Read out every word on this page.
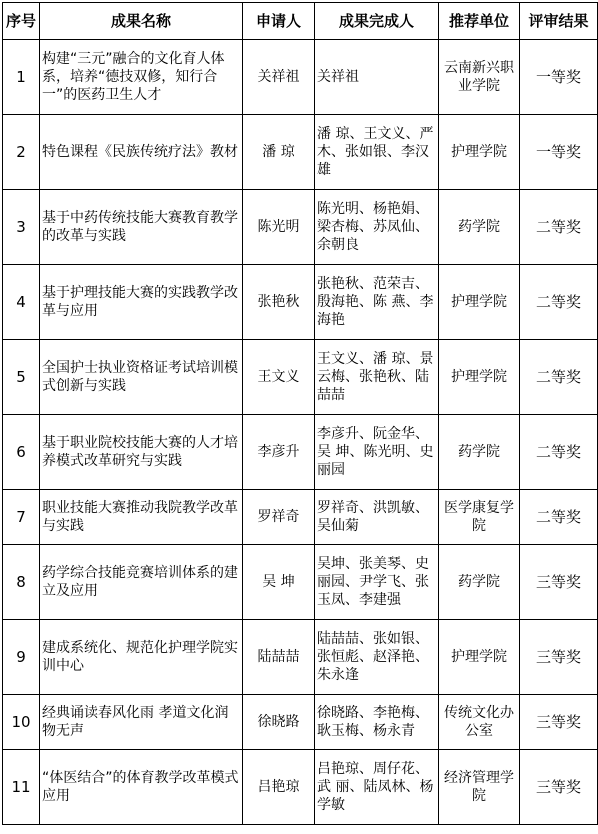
序号	成果名称	申请人	成果完成人	推荐单位	评审结果
1	构建“三元”融合的文化育人体系，培养“德技双修，知行合一”的医药卫生人才	关祥祖	关祥祖	云南新兴职业学院	一等奖
2	特色课程《民族传统疗法》教材	潘 琼	潘 琼、王文义、严 木、张如银、李汉雄	护理学院	一等奖
3	基于中药传统技能大赛教育教学的改革与实践	陈光明	陈光明、杨艳娟、梁杏梅、苏凤仙、余朝良	药学院	二等奖
4	基于护理技能大赛的实践教学改革与应用	张艳秋	张艳秋、范荣吉、殷海艳、陈 燕、李海艳	护理学院	二等奖
5	全国护士执业资格证考试培训模式创新与实践	王文义	王文义、潘 琼、景云梅、张艳秋、陆喆喆	护理学院	二等奖
6	基于职业院校技能大赛的人才培养模式改革研究与实践	李彦升	李彦升、阮金华、吴 坤、陈光明、史丽园	药学院	二等奖
7	职业技能大赛推动我院教学改革与实践	罗祥奇	罗祥奇、洪凯敏、吴仙菊	医学康复学院	二等奖
8	药学综合技能竞赛培训体系的建立及应用	吴 坤	吴坤、张美琴、史丽园、尹学飞、张玉凤、李建强	药学院	三等奖
9	建成系统化、规范化护理学院实训中心	陆喆喆	陆喆喆、张如银、张恒彪、赵泽艳、朱永逢	护理学院	三等奖
10	经典诵读春风化雨 孝道文化润物无声	徐晓路	徐晓路、李艳梅、耿玉梅、杨永青	传统文化办公室	三等奖
11	“体医结合”的体育教学改革模式应用	吕艳琼	吕艳琼、周仔花、武 丽、陆凤林、杨学敏	经济管理学院	三等奖
